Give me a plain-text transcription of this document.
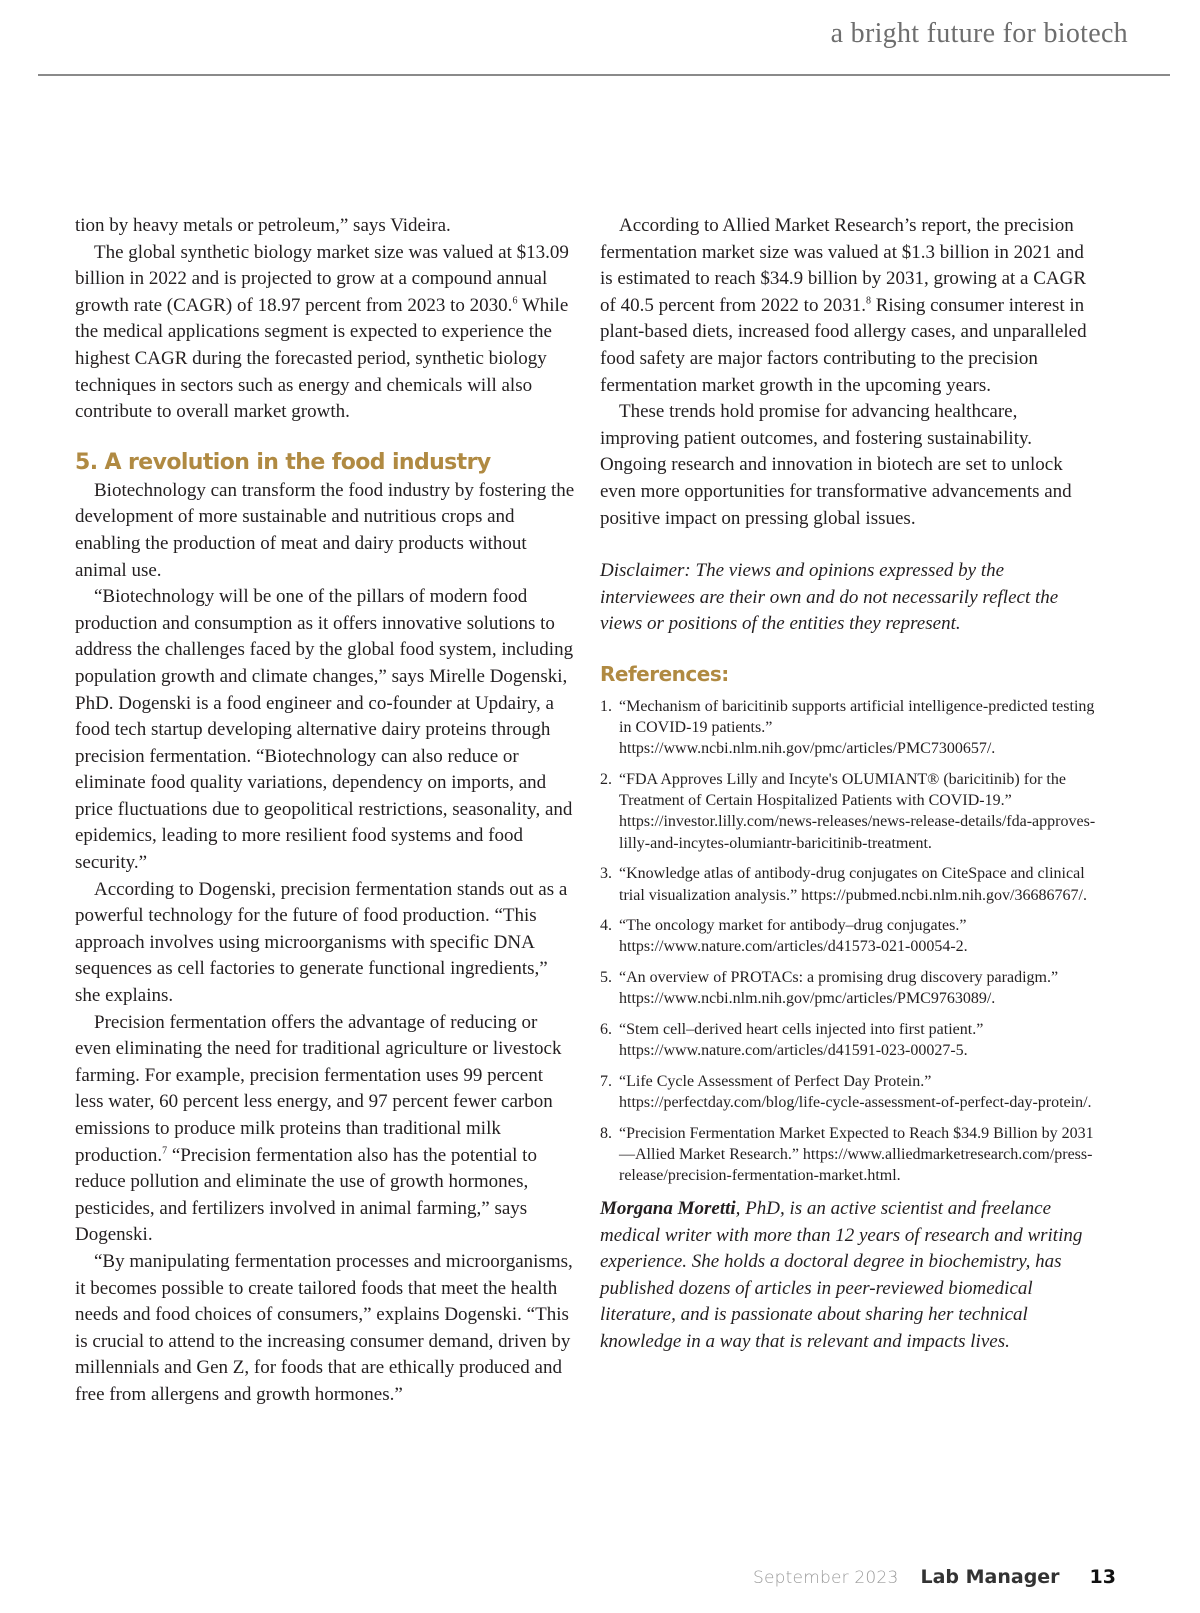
a bright future for biotech

tion by heavy metals or petroleum,” says Videira.

The global synthetic biology market size was valued at $13.09 billion in 2022 and is projected to grow at a compound annual growth rate (CAGR) of 18.97 percent from 2023 to 2030.$^6$ While the medical applications segment is expected to experience the highest CAGR during the forecasted period, synthetic biology techniques in sectors such as energy and chemicals will also contribute to overall market growth.

5. A revolution in the food industry

Biotechnology can transform the food industry by fostering the development of more sustainable and nutritious crops and enabling the production of meat and dairy products without animal use.

“Biotechnology will be one of the pillars of modern food production and consumption as it offers innovative solutions to address the challenges faced by the global food system, including population growth and climate changes,” says Mirelle Dogenski, PhD. Dogenski is a food engineer and co-founder at Updairy, a food tech startup developing alternative dairy proteins through precision fermentation. “Biotechnology can also reduce or eliminate food quality variations, dependency on imports, and price fluctuations due to geopolitical restrictions, seasonality, and epidemics, leading to more resilient food systems and food security.”

According to Dogenski, precision fermentation stands out as a powerful technology for the future of food production. “This approach involves using microorganisms with specific DNA sequences as cell factories to generate functional ingredients,” she explains.

Precision fermentation offers the advantage of reducing or even eliminating the need for traditional agriculture or livestock farming. For example, precision fermentation uses 99 percent less water, 60 percent less energy, and 97 percent fewer carbon emissions to produce milk proteins than traditional milk production.$^7$ “Precision fermentation also has the potential to reduce pollution and eliminate the use of growth hormones, pesticides, and fertilizers involved in animal farming,” says Dogenski.

“By manipulating fermentation processes and microorganisms, it becomes possible to create tailored foods that meet the health needs and food choices of consumers,” explains Dogenski. “This is crucial to attend to the increasing consumer demand, driven by millennials and Gen Z, for foods that are ethically produced and free from allergens and growth hormones.”

According to Allied Market Research’s report, the precision fermentation market size was valued at $1.3 billion in 2021 and is estimated to reach $34.9 billion by 2031, growing at a CAGR of 40.5 percent from 2022 to 2031.$^8$ Rising consumer interest in plant-based diets, increased food allergy cases, and unparalleled food safety are major factors contributing to the precision fermentation market growth in the upcoming years.

These trends hold promise for advancing healthcare, improving patient outcomes, and fostering sustainability. Ongoing research and innovation in biotech are set to unlock even more opportunities for transformative advancements and positive impact on pressing global issues.

Disclaimer: The views and opinions expressed by the interviewees are their own and do not necessarily reflect the views or positions of the entities they represent.

References:
1. “Mechanism of baricitinib supports artificial intelligence-predicted testing in COVID-19 patients.” https://www.ncbi.nlm.nih.gov/pmc/articles/PMC7300657/.
2. “FDA Approves Lilly and Incyte's OLUMIANT® (baricitinib) for the Treatment of Certain Hospitalized Patients with COVID-19.” https://investor.lilly.com/news-releases/news-release-details/fda-approves-lilly-and-incytes-olumiantr-baricitinib-treatment.
3. “Knowledge atlas of antibody-drug conjugates on CiteSpace and clinical trial visualization analysis.” https://pubmed.ncbi.nlm.nih.gov/36686767/.
4. “The oncology market for antibody–drug conjugates.” https://www.nature.com/articles/d41573-021-00054-2.
5. “An overview of PROTACs: a promising drug discovery paradigm.” https://www.ncbi.nlm.nih.gov/pmc/articles/PMC9763089/.
6. “Stem cell–derived heart cells injected into first patient.” https://www.nature.com/articles/d41591-023-00027-5.
7. “Life Cycle Assessment of Perfect Day Protein.” https://perfectday.com/blog/life-cycle-assessment-of-perfect-day-protein/.
8. “Precision Fermentation Market Expected to Reach $34.9 Billion by 2031—Allied Market Research.” https://www.alliedmarketresearch.com/press-release/precision-fermentation-market.html.

Morgana Moretti, PhD, is an active scientist and freelance medical writer with more than 12 years of research and writing experience. She holds a doctoral degree in biochemistry, has published dozens of articles in peer-reviewed biomedical literature, and is passionate about sharing her technical knowledge in a way that is relevant and impacts lives.

September 2023 Lab Manager 13
